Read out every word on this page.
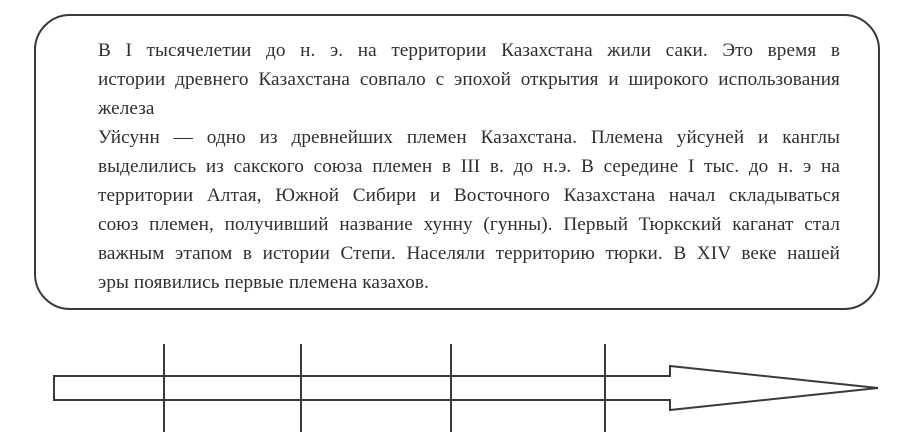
В I тысячелетии до н. э. на территории Казахстана жили саки. Это время в
истории древнего Казахстана совпало с эпохой открытия и широкого использования
железа

Уйсунн — одно из древнейших племен Казахстана. Племена уйсуней и канглы
выделились из сакского союза племен в III в. до н.э. В середине I тыс. до н. э на
территории Алтая, Южной Сибири и Восточного Казахстана начал складываться
союз племен, получивший название хунну (гунны). Первый Тюркский каганат стал
важным этапом в истории Степи. Населяли территорию тюрки. В XIV веке нашей
эры появились первые племена казахов.
